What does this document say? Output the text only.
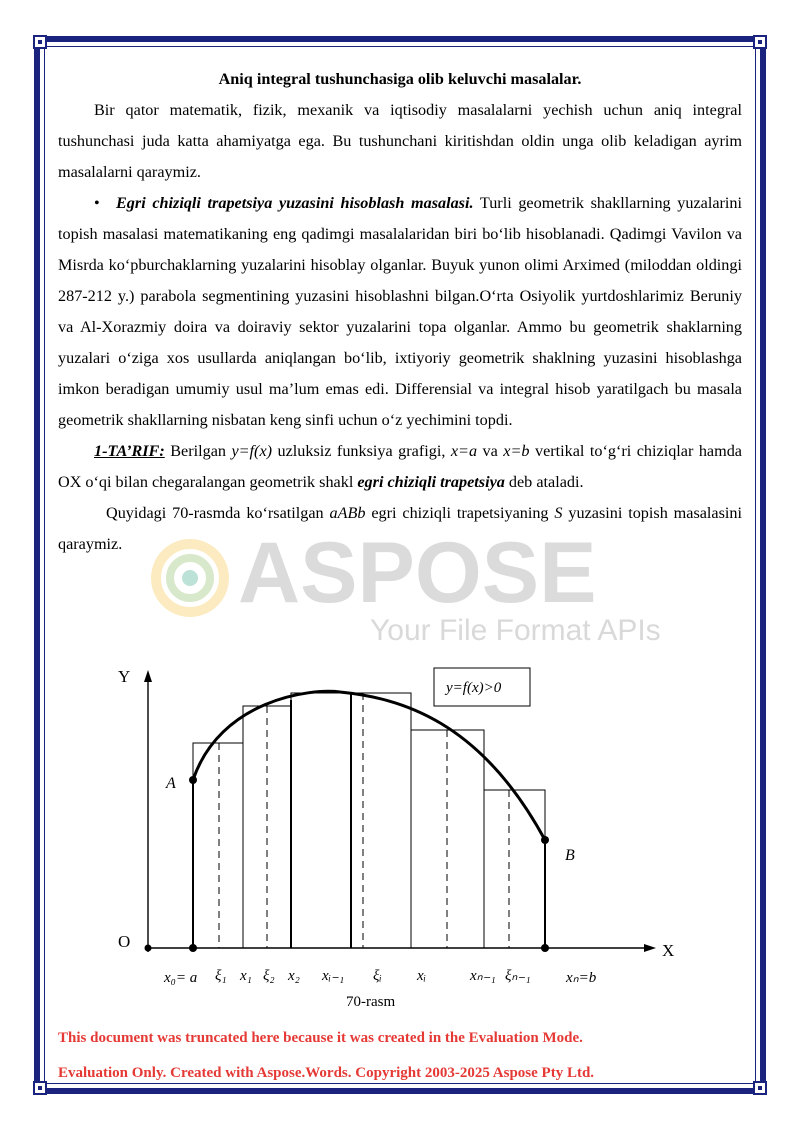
ASPOSE
Your File Format APIs

Aniq integral tushunchasiga olib keluvchi masalalar.

Bir qator matematik, fizik, mexanik va iqtisodiy masalalarni yechish uchun aniq integral tushunchasi juda katta ahamiyatga ega. Bu tushunchani kiritishdan oldin unga olib keladigan ayrim masalalarni qaraymiz.

• Egri chiziqli trapetsiya yuzasini hisoblash masalasi. Turli geometrik shakllarning yuzalarini topish masalasi matematikaning eng qadimgi masalalaridan biri bo‘lib hisoblanadi. Qadimgi Vavilon va Misrda ko‘pburchaklarning yuzalarini hisoblay olganlar. Buyuk yunon olimi Arximed (miloddan oldingi 287-212 y.) parabola segmentining yuzasini hisoblashni bilgan.O‘rta Osiyolik yurtdoshlarimiz Beruniy va Al-Xorazmiy doira va doiraviy sektor yuzalarini topa olganlar. Ammo bu geometrik shaklarning yuzalari o‘ziga xos usullarda aniqlangan bo‘lib, ixtiyoriy geometrik shaklning yuzasini hisoblashga imkon beradigan umumiy usul ma’lum emas edi. Differensial va integral hisob yaratilgach bu masala geometrik shakllarning nisbatan keng sinfi uchun o‘z yechimini topdi.

1-TA’RIF: Berilgan y=f(x) uzluksiz funksiya grafigi, x=a va x=b vertikal to‘g‘ri chiziqlar hamda OX o‘qi bilan chegaralangan geometrik shakl egri chiziqli trapetsiya deb ataladi.

Quyidagi 70-rasmda ko‘rsatilgan aABb egri chiziqli trapetsiyaning S yuzasini topish masalasini qaraymiz.

y=f(x)>0
Y
X
O
A
B
x₀= a ξ₁ x₁ ξ₂ x₂ xᵢ₋₁ ξᵢ xᵢ	xₙ₋₁ ξₙ₋₁ xₙ=b
70-rasm
This document was truncated here because it was created in the Evaluation Mode.
Evaluation Only. Created with Aspose.Words. Copyright 2003-2025 Aspose Pty Ltd.
